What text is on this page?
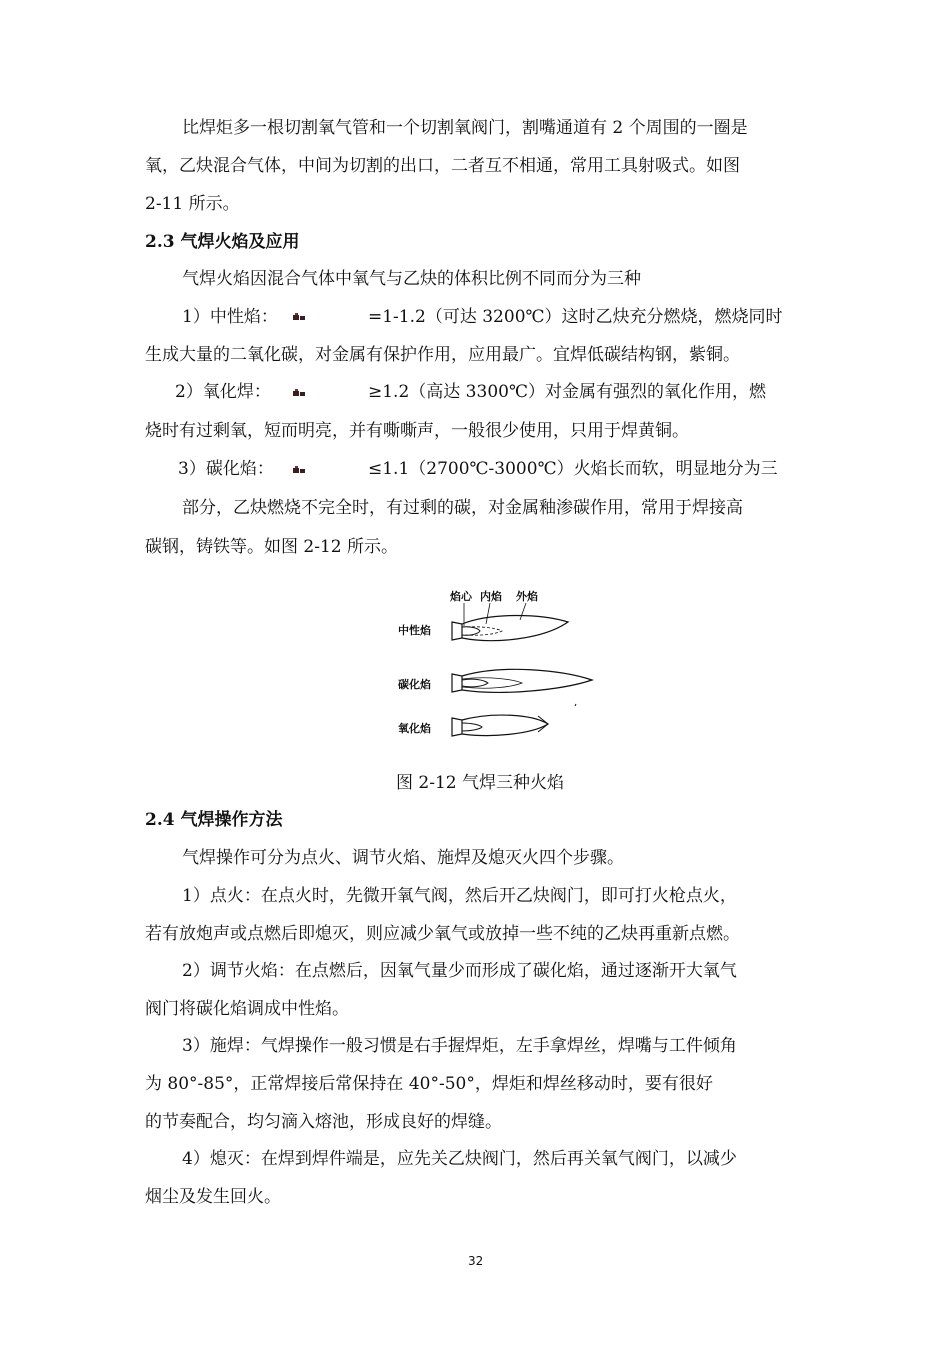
比焊炬多一根切割氧气管和一个切割氧阀门，割嘴通道有 2 个周围的一圈是
氧，乙炔混合气体，中间为切割的出口，二者互不相通，常用工具射吸式。如图
2-11 所示。
2.3 气焊火焰及应用
气焊火焰因混合气体中氧气与乙炔的体积比例不同而分为三种
1）中性焰：	=1-1.2（可达 3200℃）这时乙炔充分燃烧，燃烧同时
生成大量的二氧化碳，对金属有保护作用，应用最广。宜焊低碳结构钢，紫铜。
2）氧化焊：	≥1.2（高达 3300℃）对金属有强烈的氧化作用，燃
烧时有过剩氧，短而明亮，并有嘶嘶声，一般很少使用，只用于焊黄铜。
3）碳化焰：	≤1.1（2700℃-3000℃）火焰长而软，明显地分为三
部分，乙炔燃烧不完全时，有过剩的碳，对金属釉渗碳作用，常用于焊接高
碳钢，铸铁等。如图 2-12 所示。
焰心 内焰 外焰
中性焰
碳化焰
氧化焰
图 2-12 气焊三种火焰
2.4 气焊操作方法
气焊操作可分为点火、调节火焰、施焊及熄灭火四个步骤。
1）点火：在点火时，先微开氧气阀，然后开乙炔阀门，即可打火枪点火，
若有放炮声或点燃后即熄灭，则应减少氧气或放掉一些不纯的乙炔再重新点燃。
2）调节火焰：在点燃后，因氧气量少而形成了碳化焰，通过逐渐开大氧气
阀门将碳化焰调成中性焰。
3）施焊：气焊操作一般习惯是右手握焊炬，左手拿焊丝，焊嘴与工件倾角
为 80°-85°，正常焊接后常保持在 40°-50°，焊炬和焊丝移动时，要有很好
的节奏配合，均匀滴入熔池，形成良好的焊缝。
4）熄灭：在焊到焊件端是，应先关乙炔阀门，然后再关氧气阀门，以减少
烟尘及发生回火。
32
